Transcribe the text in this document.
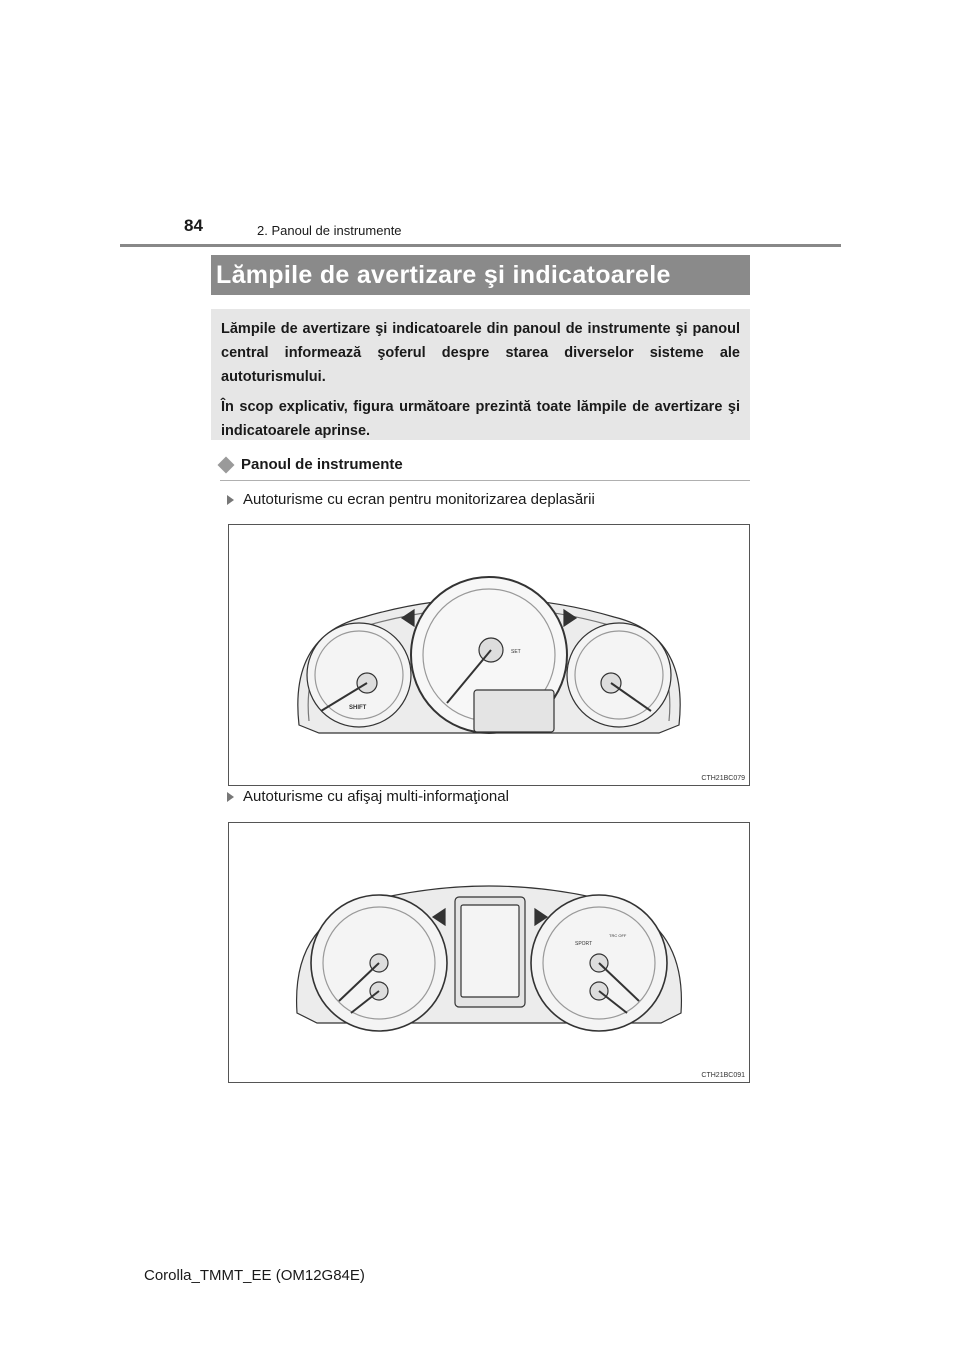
84	2. Panoul de instrumente
Lămpile de avertizare şi indicatoarele

Lămpile de avertizare şi indicatoarele din panoul de instrumente şi panoul central informează şoferul despre starea diverselor sisteme ale autoturismului.

În scop explicativ, figura următoare prezintă toate lămpile de avertizare şi indicatoarele aprinse.

Panoul de instrumente
Autoturisme cu ecran pentru monitorizarea deplasării
SHIFT
SET
CTH21BC079
Autoturisme cu afişaj multi-informaţional
SPORT
TRC OFF
CTH21BC091
Corolla_TMMT_EE (OM12G84E)
